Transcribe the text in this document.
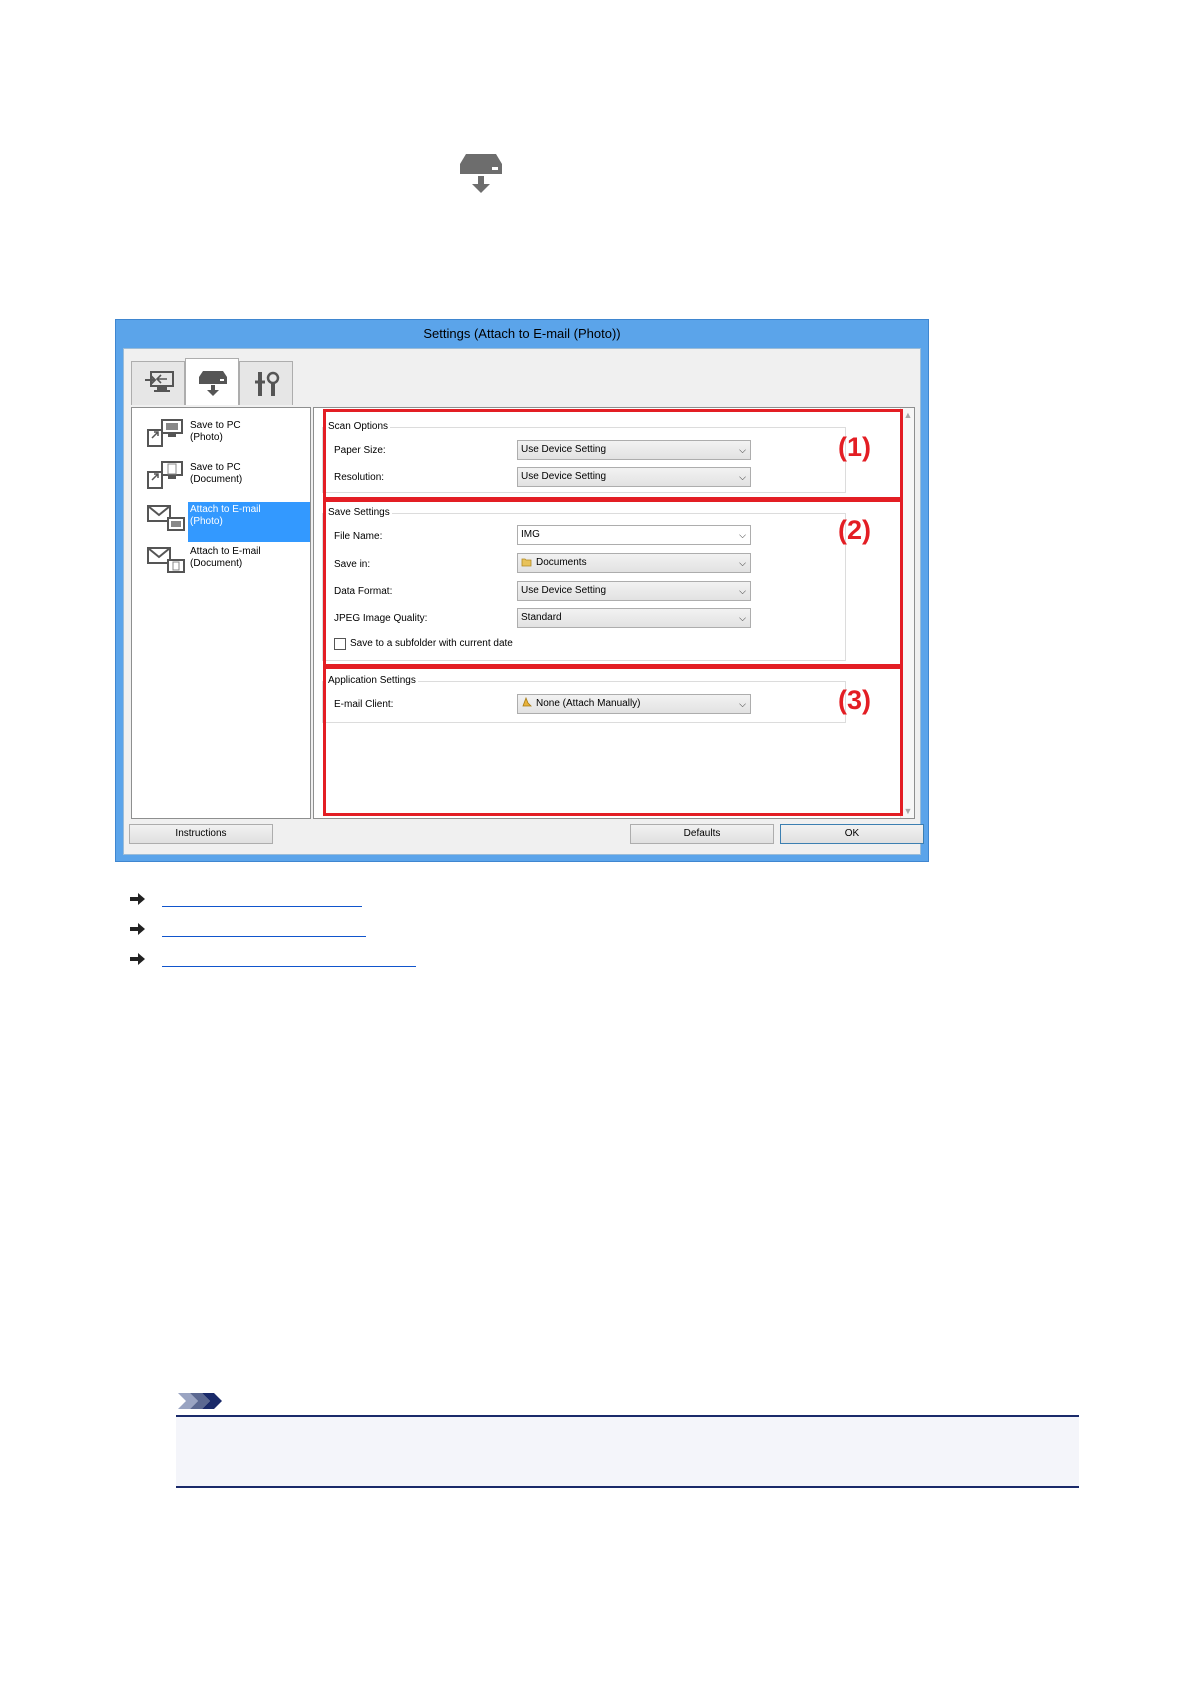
Settings (Attach to E-mail (Photo))
Save to PC
(Photo)
Save to PC
(Document)
Attach to E-mail
(Photo)
Attach to E-mail
(Document)
Scan Options
Paper Size:	Use Device Setting	⌵
Resolution:	Use Device Setting	⌵
Save Settings
File Name:	IMG	⌵
Save in:	Documents	⌵
Data Format:	Use Device Setting	⌵
JPEG Image Quality:	Standard	⌵
Save to a subfolder with current date
Application Settings
E-mail Client:	None (Attach Manually)	⌵
▲
▼
(1)
(2)
(3)
Instructions	Defaults	OK
